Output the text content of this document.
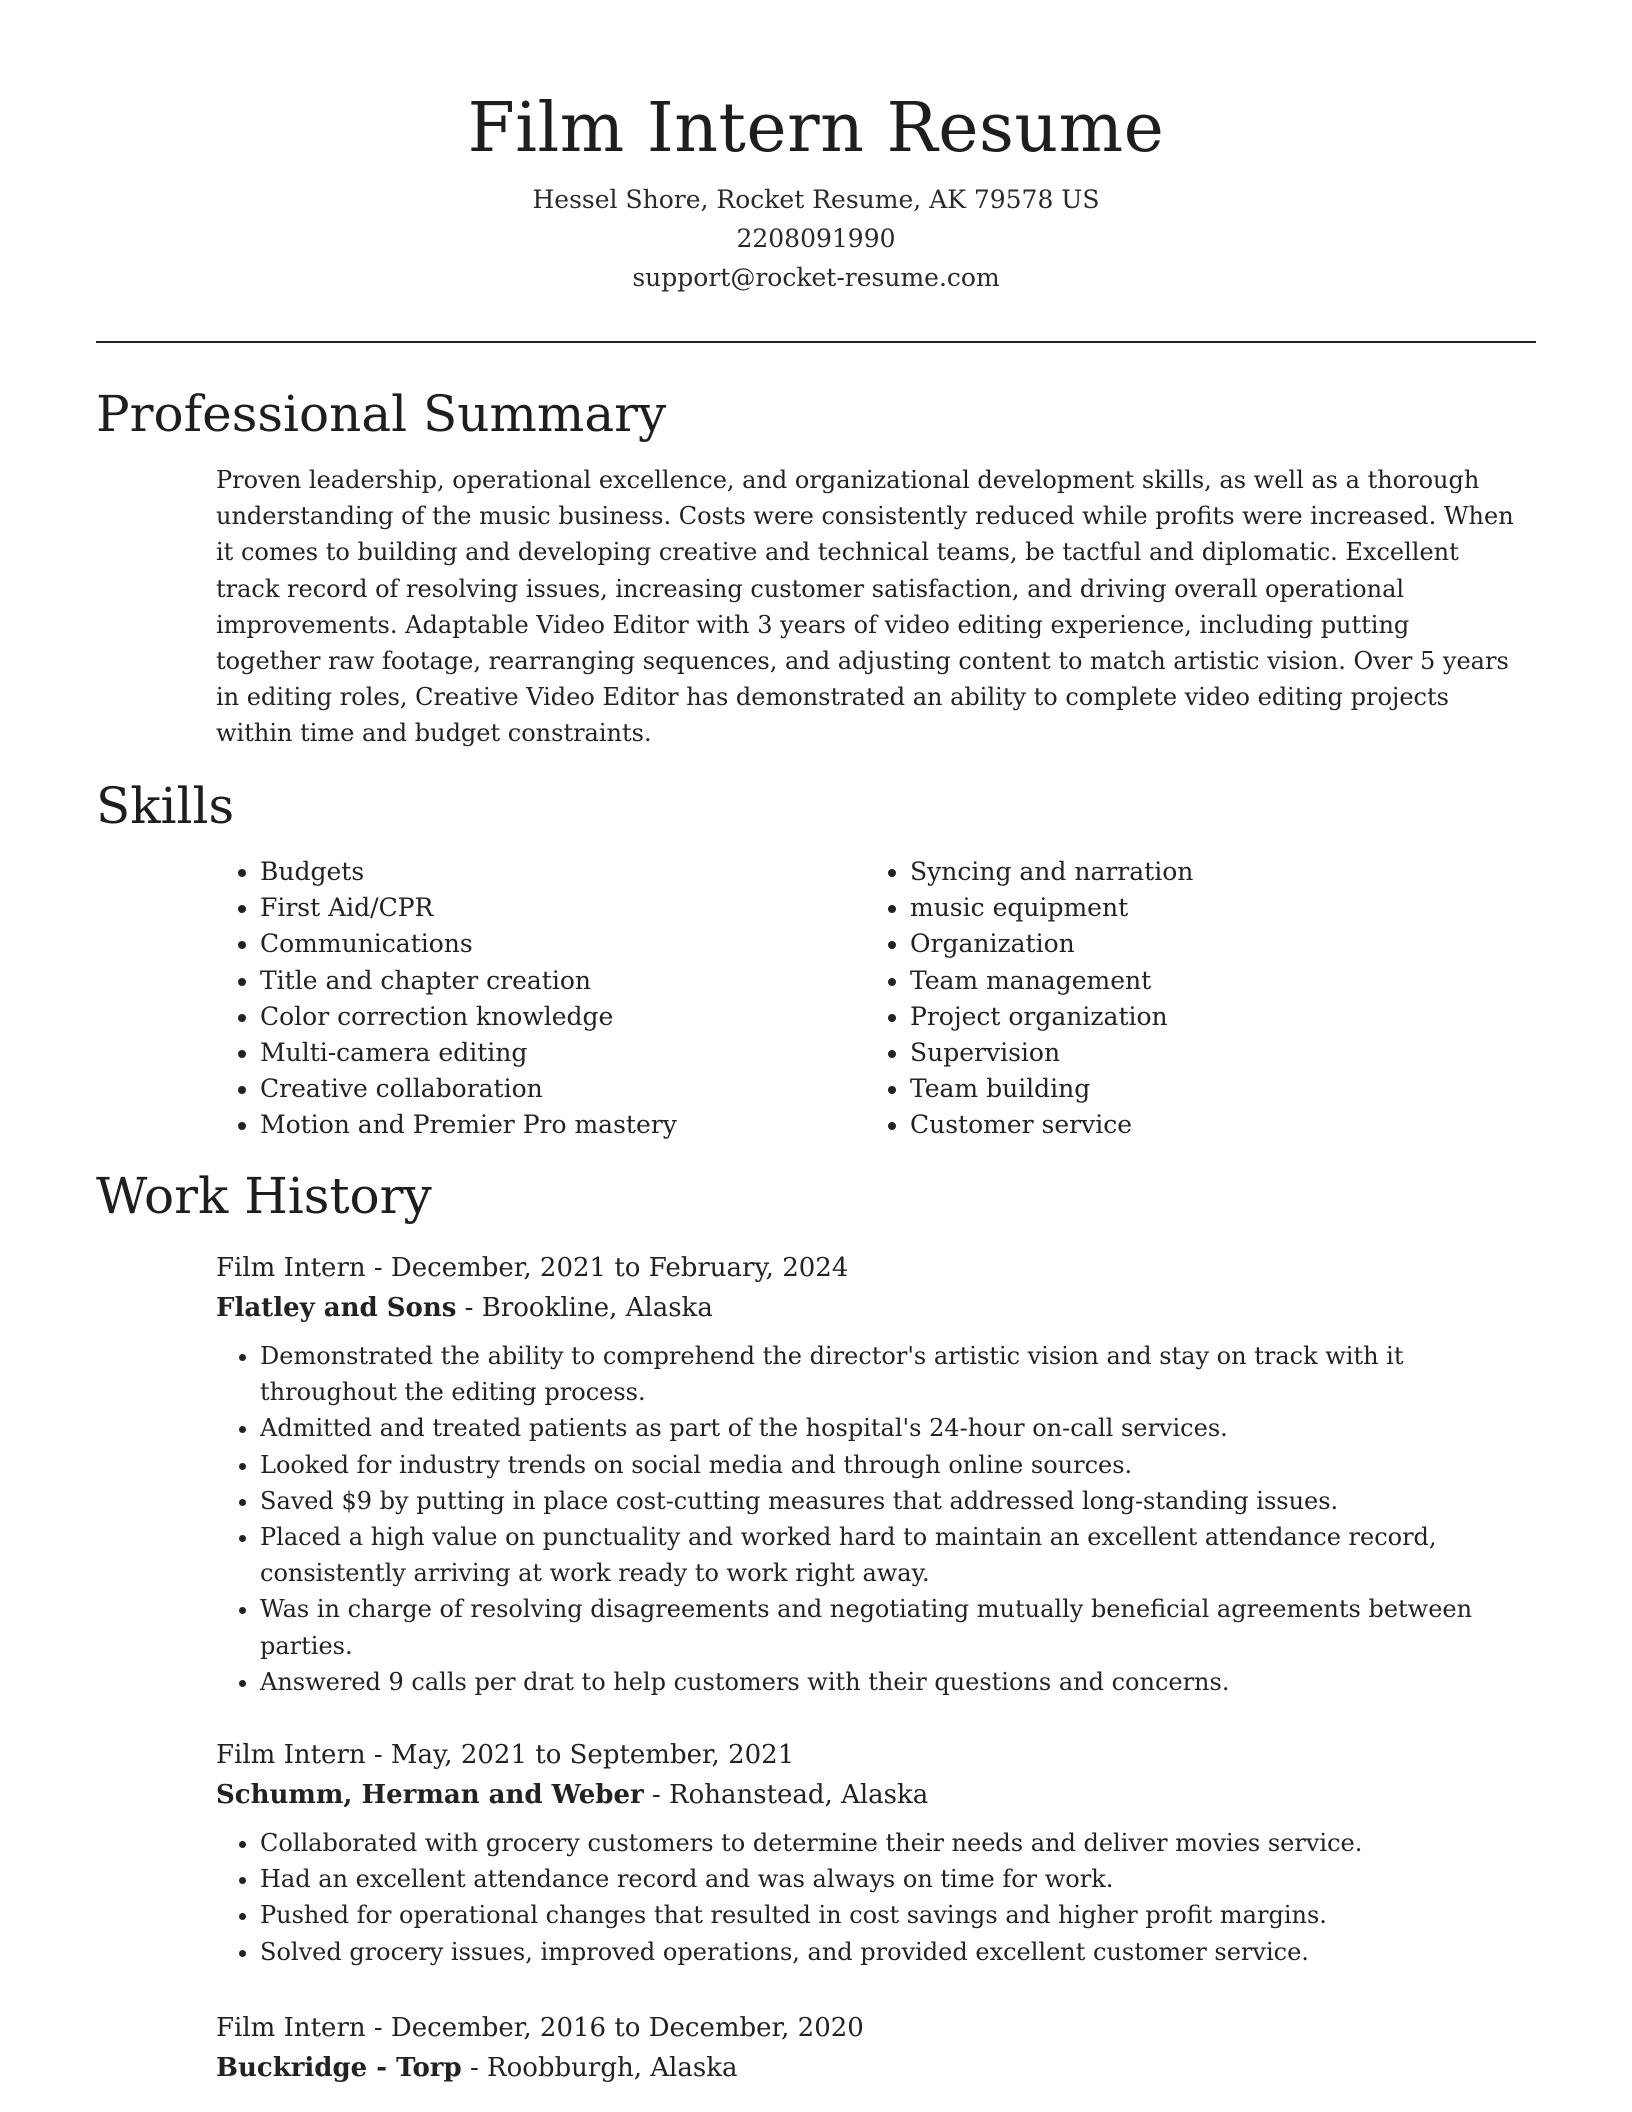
Film Intern Resume
Hessel Shore, Rocket Resume, AK 79578 US
2208091990
support@rocket-resume.com
Professional Summary

Proven leadership, operational excellence, and organizational development skills, as well as a thorough understanding of the music business. Costs were consistently reduced while profits were increased. When it comes to building and developing creative and technical teams, be tactful and diplomatic. Excellent track record of resolving issues, increasing customer satisfaction, and driving overall operational improvements. Adaptable Video Editor with 3 years of video editing experience, including putting together raw footage, rearranging sequences, and adjusting content to match artistic vision. Over 5 years in editing roles, Creative Video Editor has demonstrated an ability to complete video editing projects within time and budget constraints.

Skills
• Budgets
• First Aid/CPR
• Communications
• Title and chapter creation
• Color correction knowledge
• Multi-camera editing
• Creative collaboration
• Motion and Premier Pro mastery
• Syncing and narration
• music equipment
• Organization
• Team management
• Project organization
• Supervision
• Team building
• Customer service
Work History
Film Intern - December, 2021 to February, 2024
Flatley and Sons - Brookline, Alaska
• Demonstrated the ability to comprehend the director's artistic vision and stay on track with it throughout the editing process.
• Admitted and treated patients as part of the hospital's 24-hour on-call services.
• Looked for industry trends on social media and through online sources.
• Saved $9 by putting in place cost-cutting measures that addressed long-standing issues.
• Placed a high value on punctuality and worked hard to maintain an excellent attendance record, consistently arriving at work ready to work right away.
• Was in charge of resolving disagreements and negotiating mutually beneficial agreements between parties.
• Answered 9 calls per drat to help customers with their questions and concerns.
Film Intern - May, 2021 to September, 2021
Schumm, Herman and Weber - Rohanstead, Alaska
• Collaborated with grocery customers to determine their needs and deliver movies service.
• Had an excellent attendance record and was always on time for work.
• Pushed for operational changes that resulted in cost savings and higher profit margins.
• Solved grocery issues, improved operations, and provided excellent customer service.
Film Intern - December, 2016 to December, 2020
Buckridge - Torp - Roobburgh, Alaska
